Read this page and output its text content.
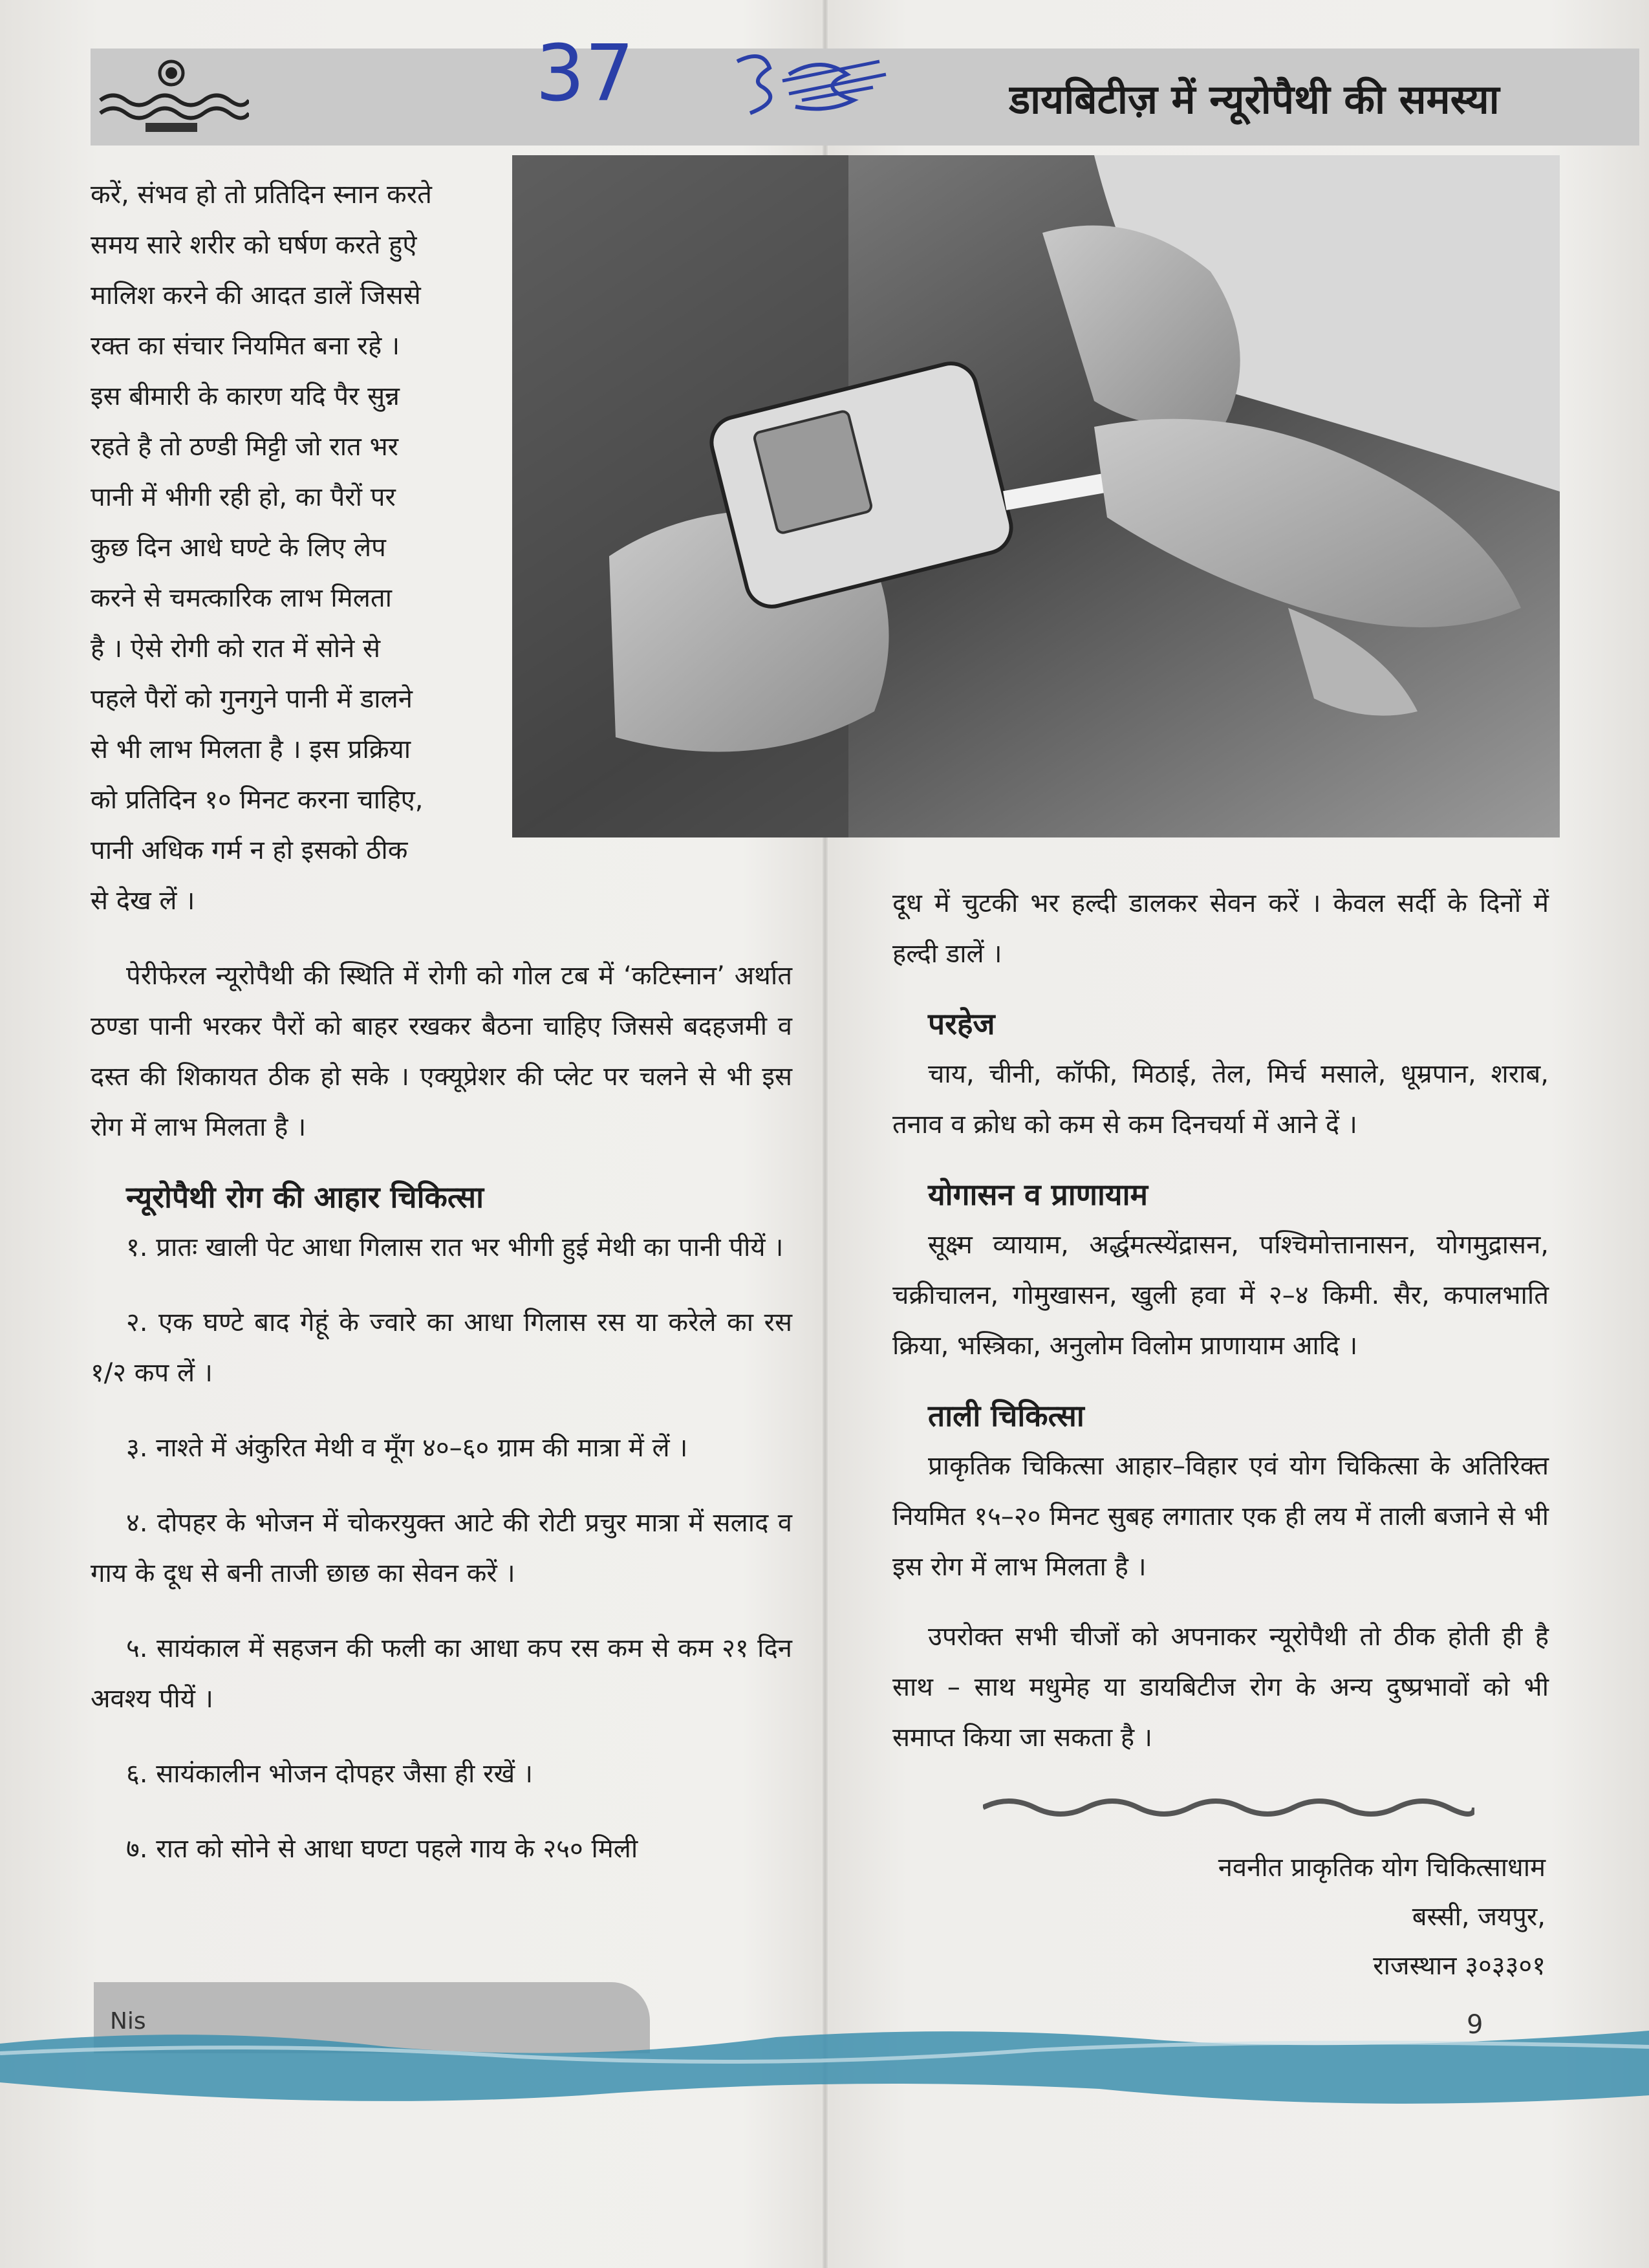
डायबिटीज़ में न्यूरोपैथी की समस्या
37

करें, संभव हो तो प्रतिदिन स्नान करते

समय सारे शरीर को घर्षण करते हुऐ

मालिश करने की आदत डालें जिससे

रक्त का संचार नियमित बना रहे ।

इस बीमारी के कारण यदि पैर सुन्न

रहते है तो ठण्डी मिट्टी जो रात भर

पानी में भीगी रही हो, का पैरों पर

कुछ दिन आधे घण्टे के लिए लेप

करने से चमत्कारिक लाभ मिलता

है । ऐसे रोगी को रात में सोने से

पहले पैरों को गुनगुने पानी में डालने

से भी लाभ मिलता है । इस प्रक्रिया

को प्रतिदिन १० मिनट करना चाहिए,

पानी अधिक गर्म न हो इसको ठीक

से देख लें ।

पेरीफेरल न्यूरोपैथी की स्थिति में रोगी को गोल टब में ‘कटिस्नान’ अर्थात ठण्डा पानी भरकर पैरों को बाहर रखकर बैठना चाहिए जिससे बदहजमी व दस्त की शिकायत ठीक हो सके । एक्यूप्रेशर की प्लेट पर चलने से भी इस रोग में लाभ मिलता है ।

न्यूरोपैथी रोग की आहार चिकित्सा

१. प्रातः खाली पेट आधा गिलास रात भर भीगी हुई मेथी का पानी पीयें ।

२. एक घण्टे बाद गेहूं के ज्वारे का आधा गिलास रस या करेले का रस १/२ कप लें ।

३. नाश्ते में अंकुरित मेथी व मूँग ४०–६० ग्राम की मात्रा में लें ।

४. दोपहर के भोजन में चोकरयुक्त आटे की रोटी प्रचुर मात्रा में सलाद व गाय के दूध से बनी ताजी छाछ का सेवन करें ।

५. सायंकाल में सहजन की फली का आधा कप रस कम से कम २१ दिन अवश्य पीयें ।

६. सायंकालीन भोजन दोपहर जैसा ही रखें ।

७. रात को सोने से आधा घण्टा पहले गाय के २५० मिली

दूध में चुटकी भर हल्दी डालकर सेवन करें । केवल सर्दी के दिनों में हल्दी डालें ।

परहेज

चाय, चीनी, कॉफी, मिठाई, तेल, मिर्च मसाले, धूम्रपान, शराब, तनाव व क्रोध को कम से कम दिनचर्या में आने दें ।

योगासन व प्राणायाम

सूक्ष्म व्यायाम, अर्द्धमत्स्येंद्रासन, पश्चिमोत्तानासन, योगमुद्रासन, चक्रीचालन, गोमुखासन, खुली हवा में २–४ किमी. सैर, कपालभाति क्रिया, भस्त्रिका, अनुलोम विलोम प्राणायाम आदि ।

ताली चिकित्सा

प्राकृतिक चिकित्सा आहार–विहार एवं योग चिकित्सा के अतिरिक्त नियमित १५–२० मिनट सुबह लगातार एक ही लय में ताली बजाने से भी इस रोग में लाभ मिलता है ।

उपरोक्त सभी चीजों को अपनाकर न्यूरोपैथी तो ठीक होती ही है साथ – साथ मधुमेह या डायबिटीज रोग के अन्य दुष्प्रभावों को भी समाप्त किया जा सकता है ।

नवनीत प्राकृतिक योग चिकित्साधाम
बस्सी, जयपुर,
राजस्थान ३०३३०१
Nis	9
